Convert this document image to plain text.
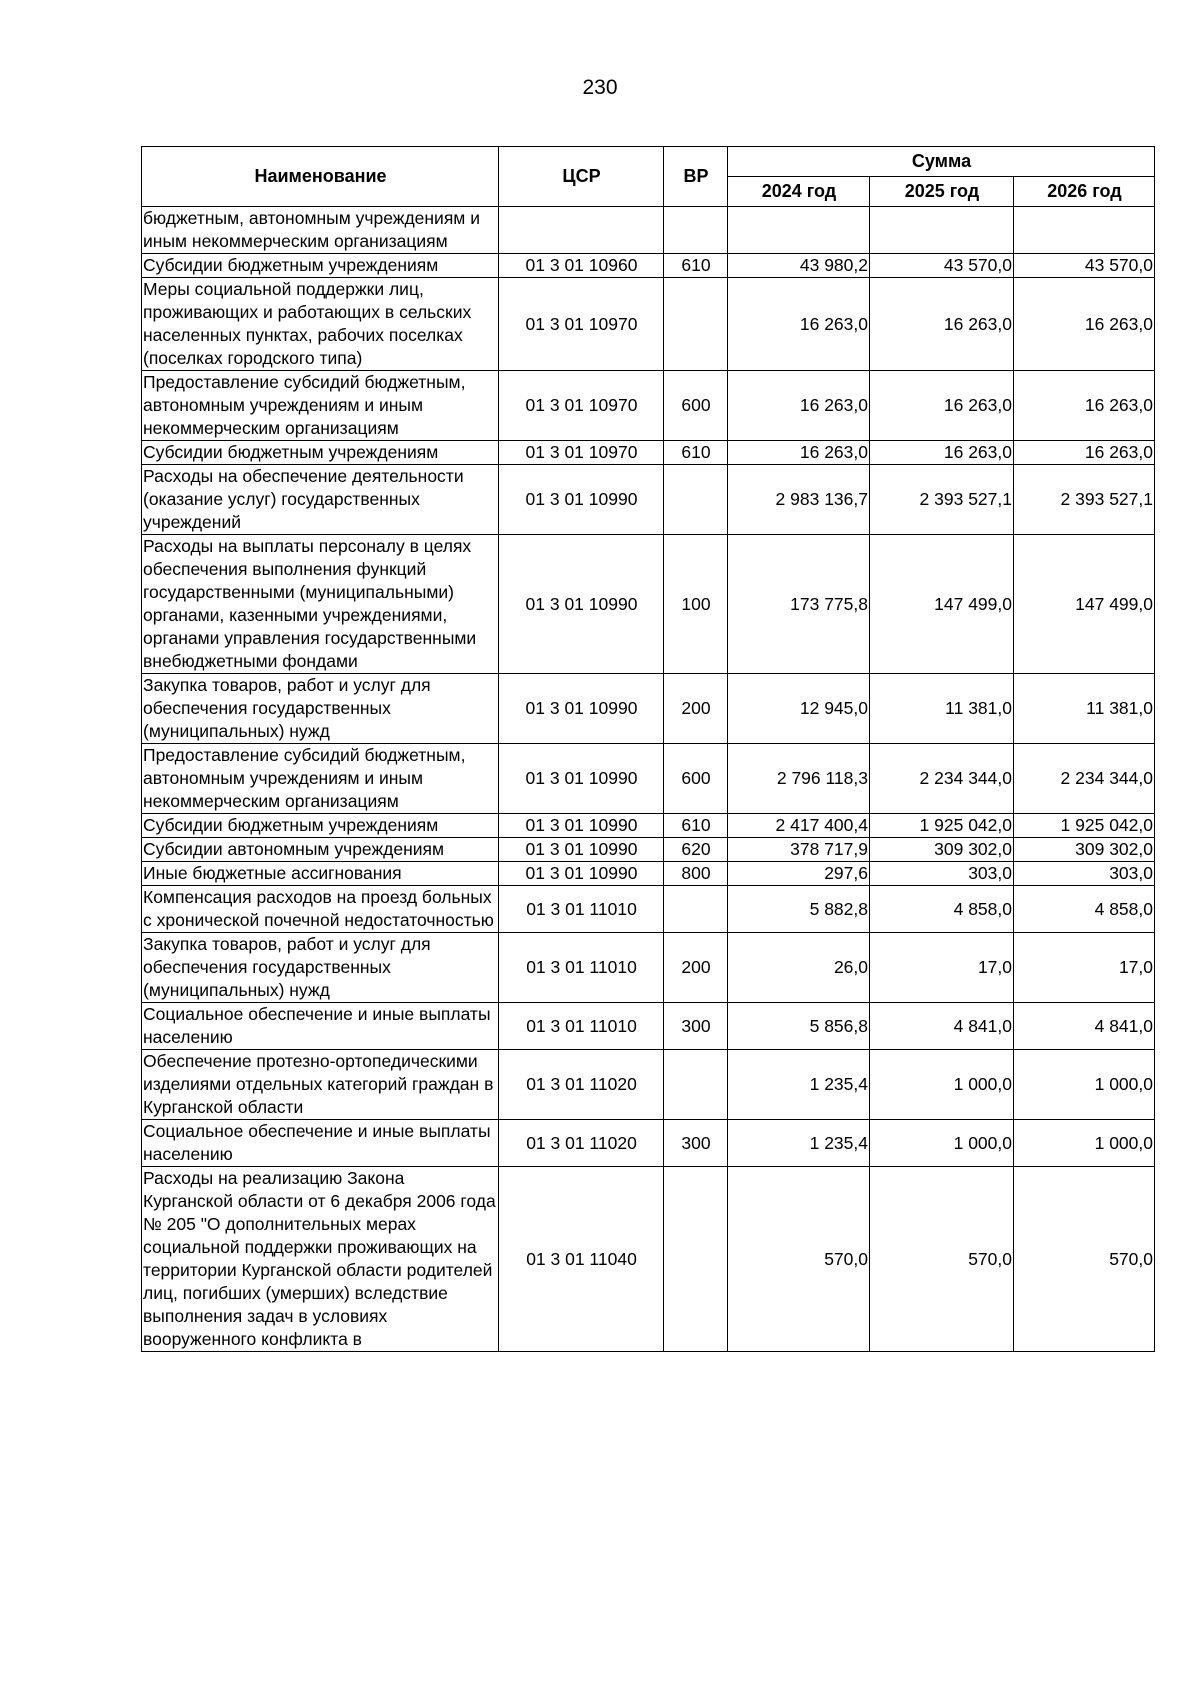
230
Наименование	ЦСР	ВР	Сумма		
			2024 год	2025 год	2026 год
бюджетным, автономным учреждениям и иным некоммерческим организациям					
Субсидии бюджетным учреждениям	01 3 01 10960	610	43 980,2	43 570,0	43 570,0
Меры социальной поддержки лиц, проживающих и работающих в сельских населенных пунктах, рабочих поселках (поселках городского типа)	01 3 01 10970		16 263,0	16 263,0	16 263,0
Предоставление субсидий бюджетным, автономным учреждениям и иным некоммерческим организациям	01 3 01 10970	600	16 263,0	16 263,0	16 263,0
Субсидии бюджетным учреждениям	01 3 01 10970	610	16 263,0	16 263,0	16 263,0
Расходы на обеспечение деятельности (оказание услуг) государственных учреждений	01 3 01 10990		2 983 136,7	2 393 527,1	2 393 527,1
Расходы на выплаты персоналу в целях обеспечения выполнения функций государственными (муниципальными) органами, казенными учреждениями, органами управления государственными внебюджетными фондами	01 3 01 10990	100	173 775,8	147 499,0	147 499,0
Закупка товаров, работ и услуг для обеспечения государственных (муниципальных) нужд	01 3 01 10990	200	12 945,0	11 381,0	11 381,0
Предоставление субсидий бюджетным, автономным учреждениям и иным некоммерческим организациям	01 3 01 10990	600	2 796 118,3	2 234 344,0	2 234 344,0
Субсидии бюджетным учреждениям	01 3 01 10990	610	2 417 400,4	1 925 042,0	1 925 042,0
Субсидии автономным учреждениям	01 3 01 10990	620	378 717,9	309 302,0	309 302,0
Иные бюджетные ассигнования	01 3 01 10990	800	297,6	303,0	303,0
Компенсация расходов на проезд больных с хронической почечной недостаточностью	01 3 01 11010		5 882,8	4 858,0	4 858,0
Закупка товаров, работ и услуг для обеспечения государственных (муниципальных) нужд	01 3 01 11010	200	26,0	17,0	17,0
Социальное обеспечение и иные выплаты населению	01 3 01 11010	300	5 856,8	4 841,0	4 841,0
Обеспечение протезно-ортопедическими изделиями отдельных категорий граждан в Курганской области	01 3 01 11020		1 235,4	1 000,0	1 000,0
Социальное обеспечение и иные выплаты населению	01 3 01 11020	300	1 235,4	1 000,0	1 000,0
Расходы на реализацию Закона Курганской области от 6 декабря 2006 года № 205 "О дополнительных мерах социальной поддержки проживающих на территории Курганской области родителей лиц, погибших (умерших) вследствие выполнения задач в условиях вооруженного конфликта в	01 3 01 11040		570,0	570,0	570,0
